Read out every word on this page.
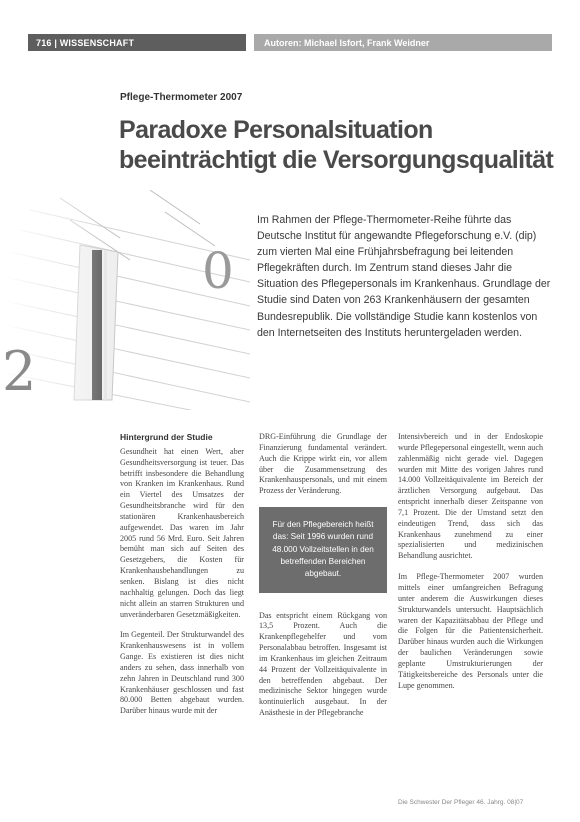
716 | WISSENSCHAFT	Autoren: Michael Isfort, Frank Weidner
Pflege-Thermometer 2007
Paradoxe Personalsituation
beeinträchtigt die Versorgungsqualität
0
2
Im Rahmen der Pflege-Thermometer-Reihe führte das Deutsche Institut für angewandte Pflegeforschung e.V. (dip) zum vierten Mal eine Frühjahrsbefragung bei leitenden Pflegekräften durch. Im Zentrum stand dieses Jahr die Situation des Pflegepersonals im Krankenhaus. Grundlage der Studie sind Daten von 263 Krankenhäusern der gesamten Bundesrepublik. Die vollständige Studie kann kostenlos von den Internetseiten des Instituts heruntergeladen werden.
Hintergrund der Studie

Gesundheit hat einen Wert, aber Gesundheitsversorgung ist teuer. Das betrifft insbesondere die Behandlung von Kranken im Krankenhaus. Rund ein Viertel des Umsatzes der Gesundheitsbranche wird für den stationären Krankenhausbereich aufgewendet. Das waren im Jahr 2005 rund 56 Mrd. Euro. Seit Jahren bemüht man sich auf Seiten des Gesetzgebers, die Kosten für Krankenhausbehandlungen zu senken. Bislang ist dies nicht nachhaltig gelungen. Doch das liegt nicht allein an starren Strukturen und unveränderbaren Gesetzmäßigkeiten.

Im Gegenteil. Der Strukturwandel des Krankenhauswesens ist in vollem Gange. Es existieren ist dies nicht anders zu sehen, dass innerhalb von zehn Jahren in Deutschland rund 300 Krankenhäuser geschlossen und fast 80.000 Betten abgebaut wurden. Darüber hinaus wurde mit der

DRG-Einführung die Grundlage der Finanzierung fundamental verändert. Auch die Krippe wirkt ein, vor allem über die Zusammensetzung des Krankenhauspersonals, und mit einem Prozess der Veränderung.

Für den Pflegebereich heißt das: Seit 1996 wurden rund 48.000 Vollzeitstellen in den betreffenden Bereichen abgebaut.

Das entspricht einem Rückgang von 13,5 Prozent. Auch die Krankenpflegehelfer und vom Personalabbau betroffen. Insgesamt ist im Krankenhaus im gleichen Zeitraum 44 Prozent der Vollzeitäquivalente in den betreffenden abgebaut. Der medizinische Sektor hingegen wurde kontinuierlich ausgebaut. In der Anästhesie in der Pflegebranche

Intensivbereich und in der Endoskopie wurde Pflegepersonal eingestellt, wenn auch zahlenmäßig nicht gerade viel. Dagegen wurden mit Mitte des vorigen Jahres rund 14.000 Vollzeitäquivalente im Bereich der ärztlichen Versorgung aufgebaut. Das entspricht innerhalb dieser Zeitspanne von 7,1 Prozent. Die der Umstand setzt den eindeutigen Trend, dass sich das Krankenhaus zunehmend zu einer spezialisierten und medizinischen Behandlung ausrichtet.

Im Pflege-Thermometer 2007 wurden mittels einer umfangreichen Befragung unter anderem die Auswirkungen dieses Strukturwandels untersucht. Hauptsächlich waren der Kapazitätsabbau der Pflege und die Folgen für die Patientensicherheit. Darüber hinaus wurden auch die Wirkungen der baulichen Veränderungen sowie geplante Umstrukturierungen der Tätigkeitsbereiche des Personals unter die Lupe genommen.

Die Schwester Der Pfleger 46. Jahrg. 08|07
